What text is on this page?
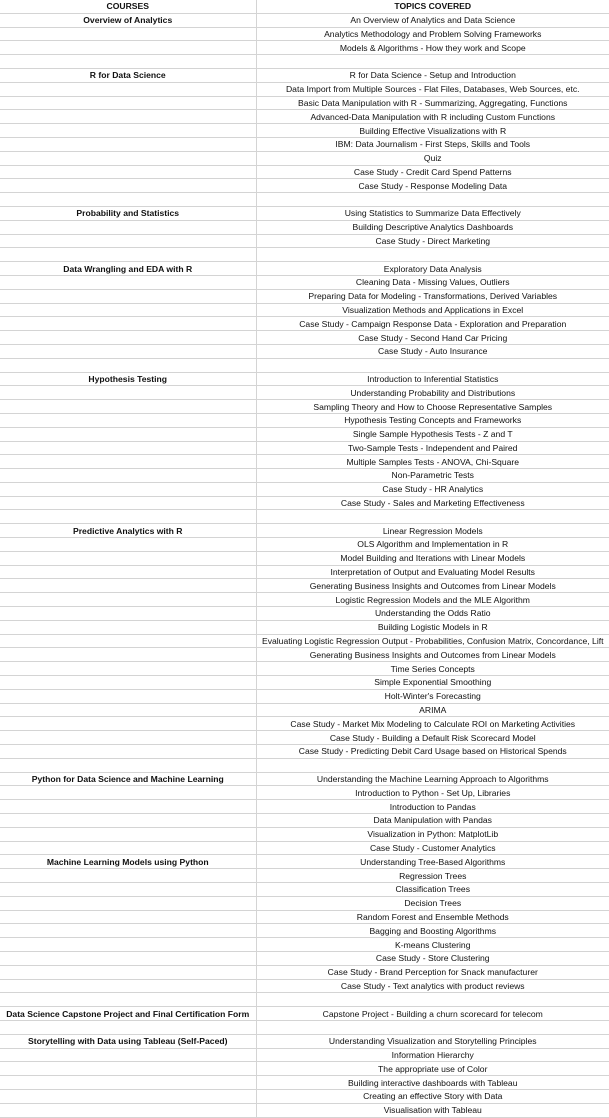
COURSES	TOPICS COVERED
Overview of Analytics	An Overview of Analytics and Data Science
	Analytics Methodology and Problem Solving Frameworks
	Models & Algorithms - How they work and Scope

R for Data Science	R for Data Science - Setup and Introduction
	Data Import from Multiple Sources - Flat Files, Databases, Web Sources, etc.
	Basic Data Manipulation with R - Summarizing, Aggregating, Functions
	Advanced-Data Manipulation with R including Custom Functions
	Building Effective Visualizations with R
	IBM: Data Journalism - First Steps, Skills and Tools
	Quiz
	Case Study - Credit Card Spend Patterns
	Case Study - Response Modeling Data

Probability and Statistics	Using Statistics to Summarize Data Effectively
	Building Descriptive Analytics Dashboards
	Case Study - Direct Marketing

Data Wrangling and EDA with R	Exploratory Data Analysis
	Cleaning Data - Missing Values, Outliers
	Preparing Data for Modeling - Transformations, Derived Variables
	Visualization Methods and Applications in Excel
	Case Study - Campaign Response Data - Exploration and Preparation
	Case Study - Second Hand Car Pricing
	Case Study - Auto Insurance

Hypothesis Testing	Introduction to Inferential Statistics
	Understanding Probability and Distributions
	Sampling Theory and How to Choose Representative Samples
	Hypothesis Testing Concepts and Frameworks
	Single Sample Hypothesis Tests - Z and T
	Two-Sample Tests - Independent and Paired
	Multiple Samples Tests - ANOVA, Chi-Square
	Non-Parametric Tests
	Case Study - HR Analytics
	Case Study - Sales and Marketing Effectiveness

Predictive Analytics with R	Linear Regression Models
	OLS Algorithm and Implementation in R
	Model Building and Iterations with Linear Models
	Interpretation of Output and Evaluating Model Results
	Generating Business Insights and Outcomes from Linear Models
	Logistic Regression Models and the MLE Algorithm
	Understanding the Odds Ratio
	Building Logistic Models in R
	Evaluating Logistic Regression Output - Probabilities, Confusion Matrix, Concordance, Lift
	Generating Business Insights and Outcomes from Linear Models
	Time Series Concepts
	Simple Exponential Smoothing
	Holt-Winter's Forecasting
	ARIMA
	Case Study - Market Mix Modeling to Calculate ROI on Marketing Activities
	Case Study - Building a Default Risk Scorecard Model
	Case Study - Predicting Debit Card Usage based on Historical Spends

Python for Data Science and Machine Learning	Understanding the Machine Learning Approach to Algorithms
	Introduction to Python - Set Up, Libraries
	Introduction to Pandas
	Data Manipulation with Pandas
	Visualization in Python: MatplotLib
	Case Study - Customer Analytics
Machine Learning Models using Python	Understanding Tree-Based Algorithms
	Regression Trees
	Classification Trees
	Decision Trees
	Random Forest and Ensemble Methods
	Bagging and Boosting Algorithms
	K-means Clustering
	Case Study - Store Clustering
	Case Study - Brand Perception for Snack manufacturer
	Case Study - Text analytics with product reviews

Data Science Capstone Project and Final Certification Form	Capstone Project - Building a churn scorecard for telecom

Storytelling with Data using Tableau (Self-Paced)	Understanding Visualization and Storytelling Principles
	Information Hierarchy
	The appropriate use of Color
	Building interactive dashboards with Tableau
	Creating an effective Story with Data
	Visualisation with Tableau
